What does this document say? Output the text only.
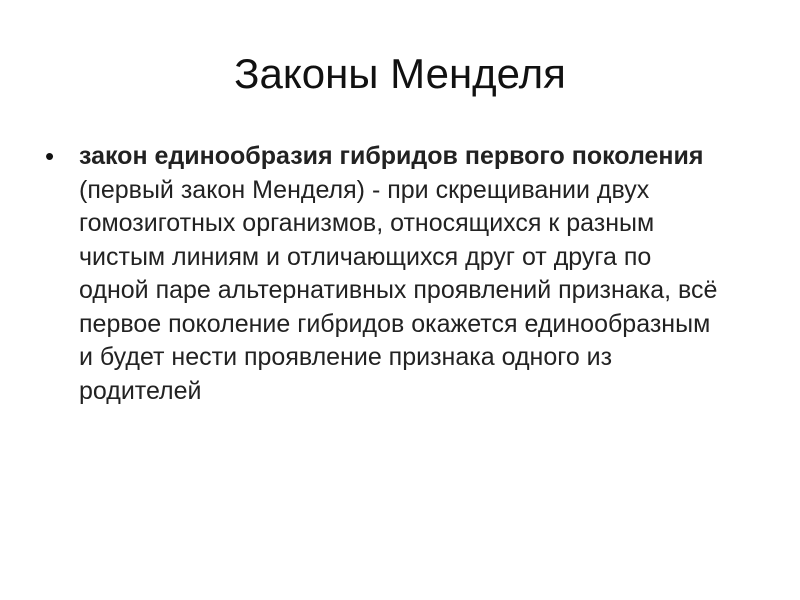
Законы Менделя
• закон единообразия гибридов первого поколения (первый закон Менделя) - при скрещивании двух гомозиготных организмов, относящихся к разным чистым линиям и отличающихся друг от друга по одной паре альтернативных проявлений признака, всё первое поколение гибридов окажется единообразным и будет нести проявление признака одного из родителей
